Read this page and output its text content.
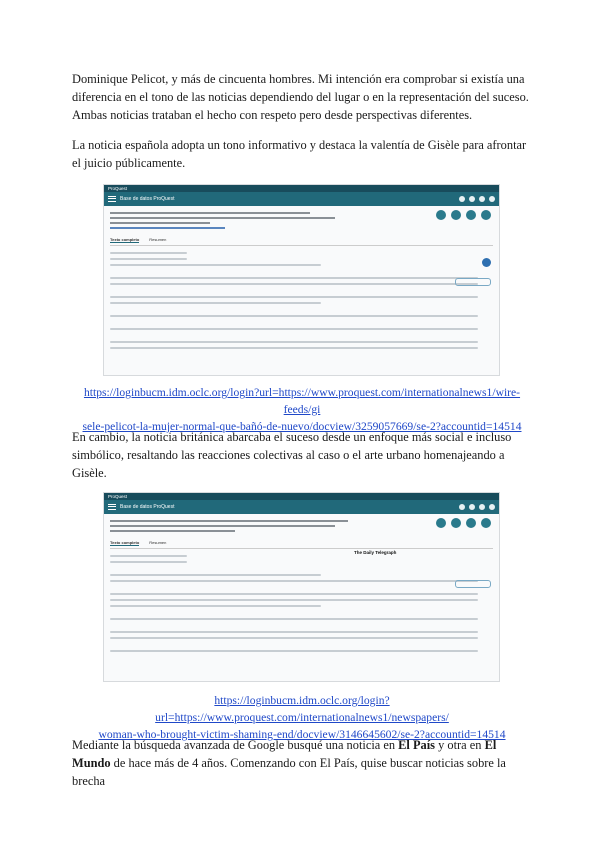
Dominique Pelicot, y más de cincuenta hombres. Mi intención era comprobar si existía una diferencia en el tono de las noticias dependiendo del lugar o en la representación del suceso. Ambas noticias trataban el hecho con respeto pero desde perspectivas diferentes.

La noticia española adopta un tono informativo y destaca la valentía de Gisèle para afrontar el juicio públicamente.

ProQuest
Base de datos ProQuest
Texto completo	Resumen

https://loginbucm.idm.oclc.org/login?url=https://www.proquest.com/internationalnews1/wire-feeds/gi
sele-pelicot-la-mujer-normal-que-bañó-de-nuevo/docview/3259057669/se-2?accountid=14514

En cambio, la noticia británica abarcaba el suceso desde un enfoque más social e incluso simbólico, resaltando las reacciones colectivas al caso o el arte urbano homenajeando a Gisèle.

ProQuest
Base de datos ProQuest
The Daily Telegraph
Texto completo	Resumen

https://loginbucm.idm.oclc.org/login?url=https://www.proquest.com/internationalnews1/newspapers/
woman-who-brought-victim-shaming-end/docview/3146645602/se-2?accountid=14514

Mediante la búsqueda avanzada de Google busqué una noticia en El País y otra en El Mundo de hace más de 4 años. Comenzando con El País, quise buscar noticias sobre la brecha
